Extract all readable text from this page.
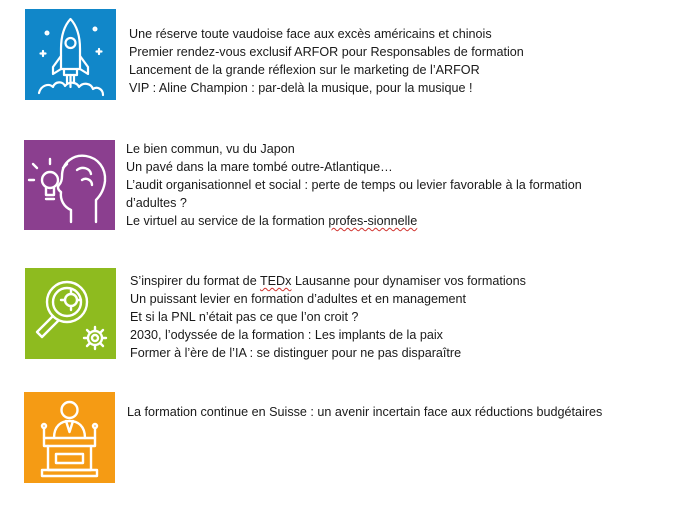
Une réserve toute vaudoise face aux excès américains et chinois
Premier rendez-vous exclusif ARFOR pour Responsables de formation
Lancement de la grande réflexion sur le marketing de l’ARFOR
VIP : Aline Champion : par-delà la musique, pour la musique !
Le bien commun, vu du Japon
Un pavé dans la mare tombé outre-Atlantique…
L’audit organisationnel et social : perte de temps ou levier favorable à la formation d’adultes ?
Le virtuel au service de la formation profes-sionnelle
S’inspirer du format de TEDx Lausanne pour dynamiser vos formations
Un puissant levier en formation d’adultes et en management
Et si la PNL n’était pas ce que l’on croit ?
2030, l’odyssée de la formation : Les implants de la paix
Former à l’ère de l’IA : se distinguer pour ne pas disparaître
La formation continue en Suisse : un avenir incertain face aux réductions budgétaires
